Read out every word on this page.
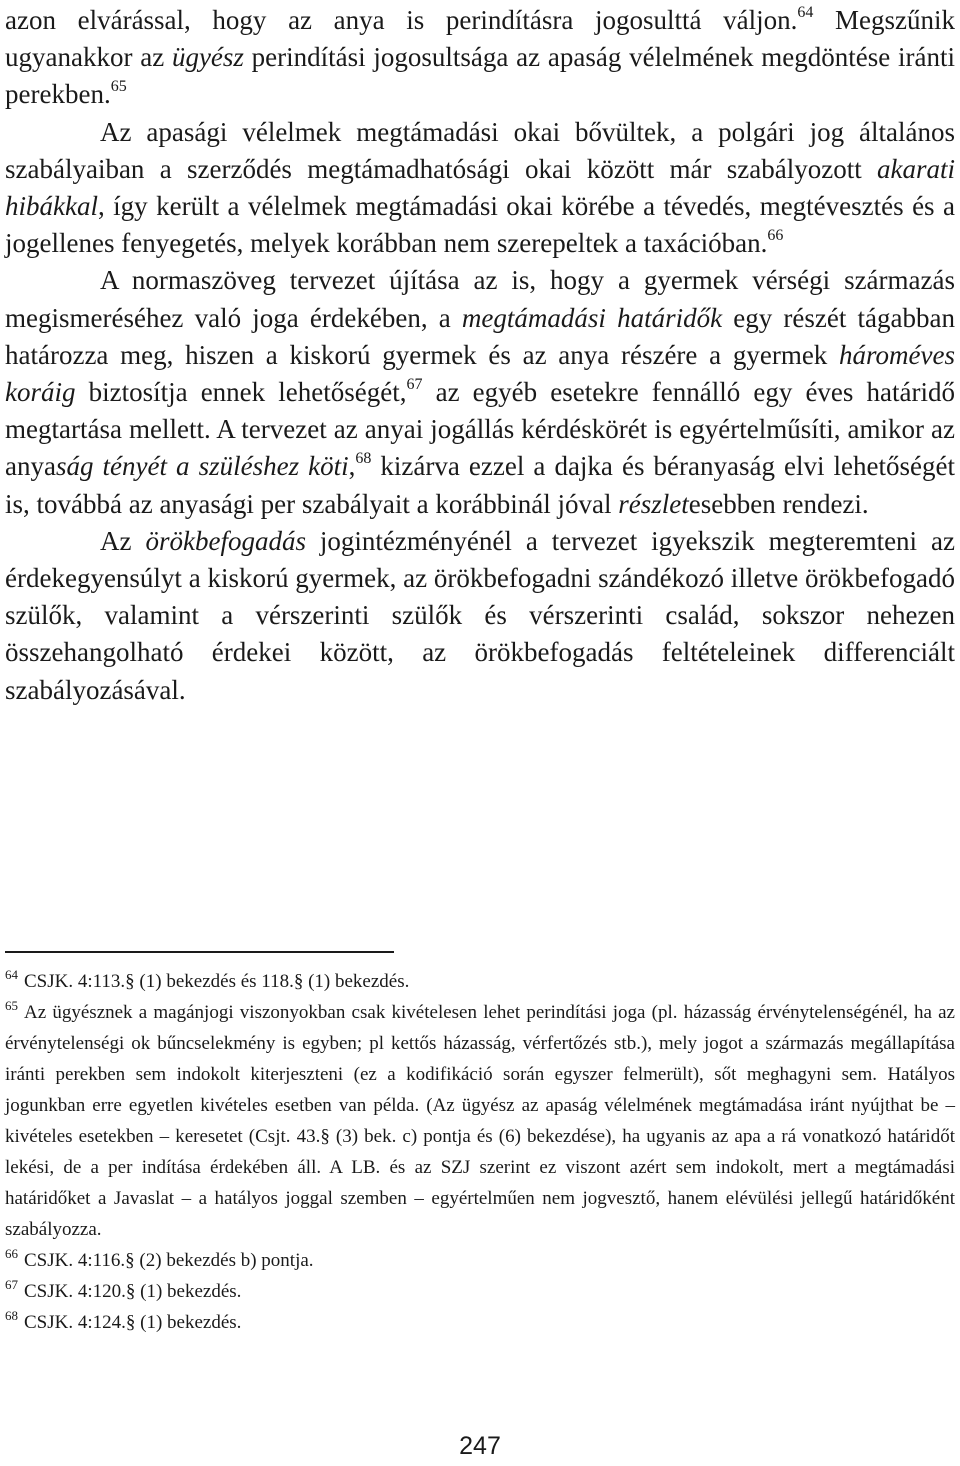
azon elvárással, hogy az anya is perindításra jogosulttá váljon.$^{64}$ Megszűnik ugyanakkor az ügyész perindítási jogosultsága az apaság vélelmének megdöntése iránti perekben.$^{65}$

Az apasági vélelmek megtámadási okai bővültek, a polgári jog általános szabályaiban a szerződés megtámadhatósági okai között már szabályozott akarati hibákkal, így került a vélelmek megtámadási okai körébe a tévedés, megtévesztés és a jogellenes fenyegetés, melyek korábban nem szerepeltek a taxációban.$^{66}$

A normaszöveg tervezet újítása az is, hogy a gyermek vérségi származás megismeréséhez való joga érdekében, a megtámadási határidők egy részét tágabban határozza meg, hiszen a kiskorú gyermek és az anya részére a gyermek hároméves koráig biztosítja ennek lehetőségét,$^{67}$ az egyéb esetekre fennálló egy éves határidő megtartása mellett. A tervezet az anyai jogállás kérdéskörét is egyértelműsíti, amikor az anyaság tényét a szüléshez köti,$^{68}$ kizárva ezzel a dajka és béranyaság elvi lehetőségét is, továbbá az anyasági per szabályait a korábbinál jóval részletesebben rendezi.

Az örökbefogadás jogintézményénél a tervezet igyekszik megteremteni az érdekegyensúlyt a kiskorú gyermek, az örökbefogadni szándékozó illetve örökbefogadó szülők, valamint a vérszerinti szülők és vérszerinti család, sokszor nehezen összehangolható érdekei között, az örökbefogadás feltételeinek differenciált szabályozásával.

$^{64}$ CSJK. 4:113.§ (1) bekezdés és 118.§ (1) bekezdés.

$^{65}$ Az ügyésznek a magánjogi viszonyokban csak kivételesen lehet perindítási joga (pl. házasság érvénytelenségénél, ha az érvénytelenségi ok bűncselekmény is egyben; pl kettős házasság, vérfertőzés stb.), mely jogot a származás megállapítása iránti perekben sem indokolt kiterjeszteni (ez a kodifikáció során egyszer felmerült), sőt meghagyni sem. Hatályos jogunkban erre egyetlen kivételes esetben van példa. (Az ügyész az apaság vélelmének megtámadása iránt nyújthat be – kivételes esetekben – keresetet (Csjt. 43.§ (3) bek. c) pontja és (6) bekezdése), ha ugyanis az apa a rá vonatkozó határidőt lekési, de a per indítása érdekében áll. A LB. és az SZJ szerint ez viszont azért sem indokolt, mert a megtámadási határidőket a Javaslat – a hatályos joggal szemben – egyértelműen nem jogvesztő, hanem elévülési jellegű határidőként szabályozza.

$^{66}$ CSJK. 4:116.§ (2) bekezdés b) pontja.

$^{67}$ CSJK. 4:120.§ (1) bekezdés.

$^{68}$ CSJK. 4:124.§ (1) bekezdés.

247
